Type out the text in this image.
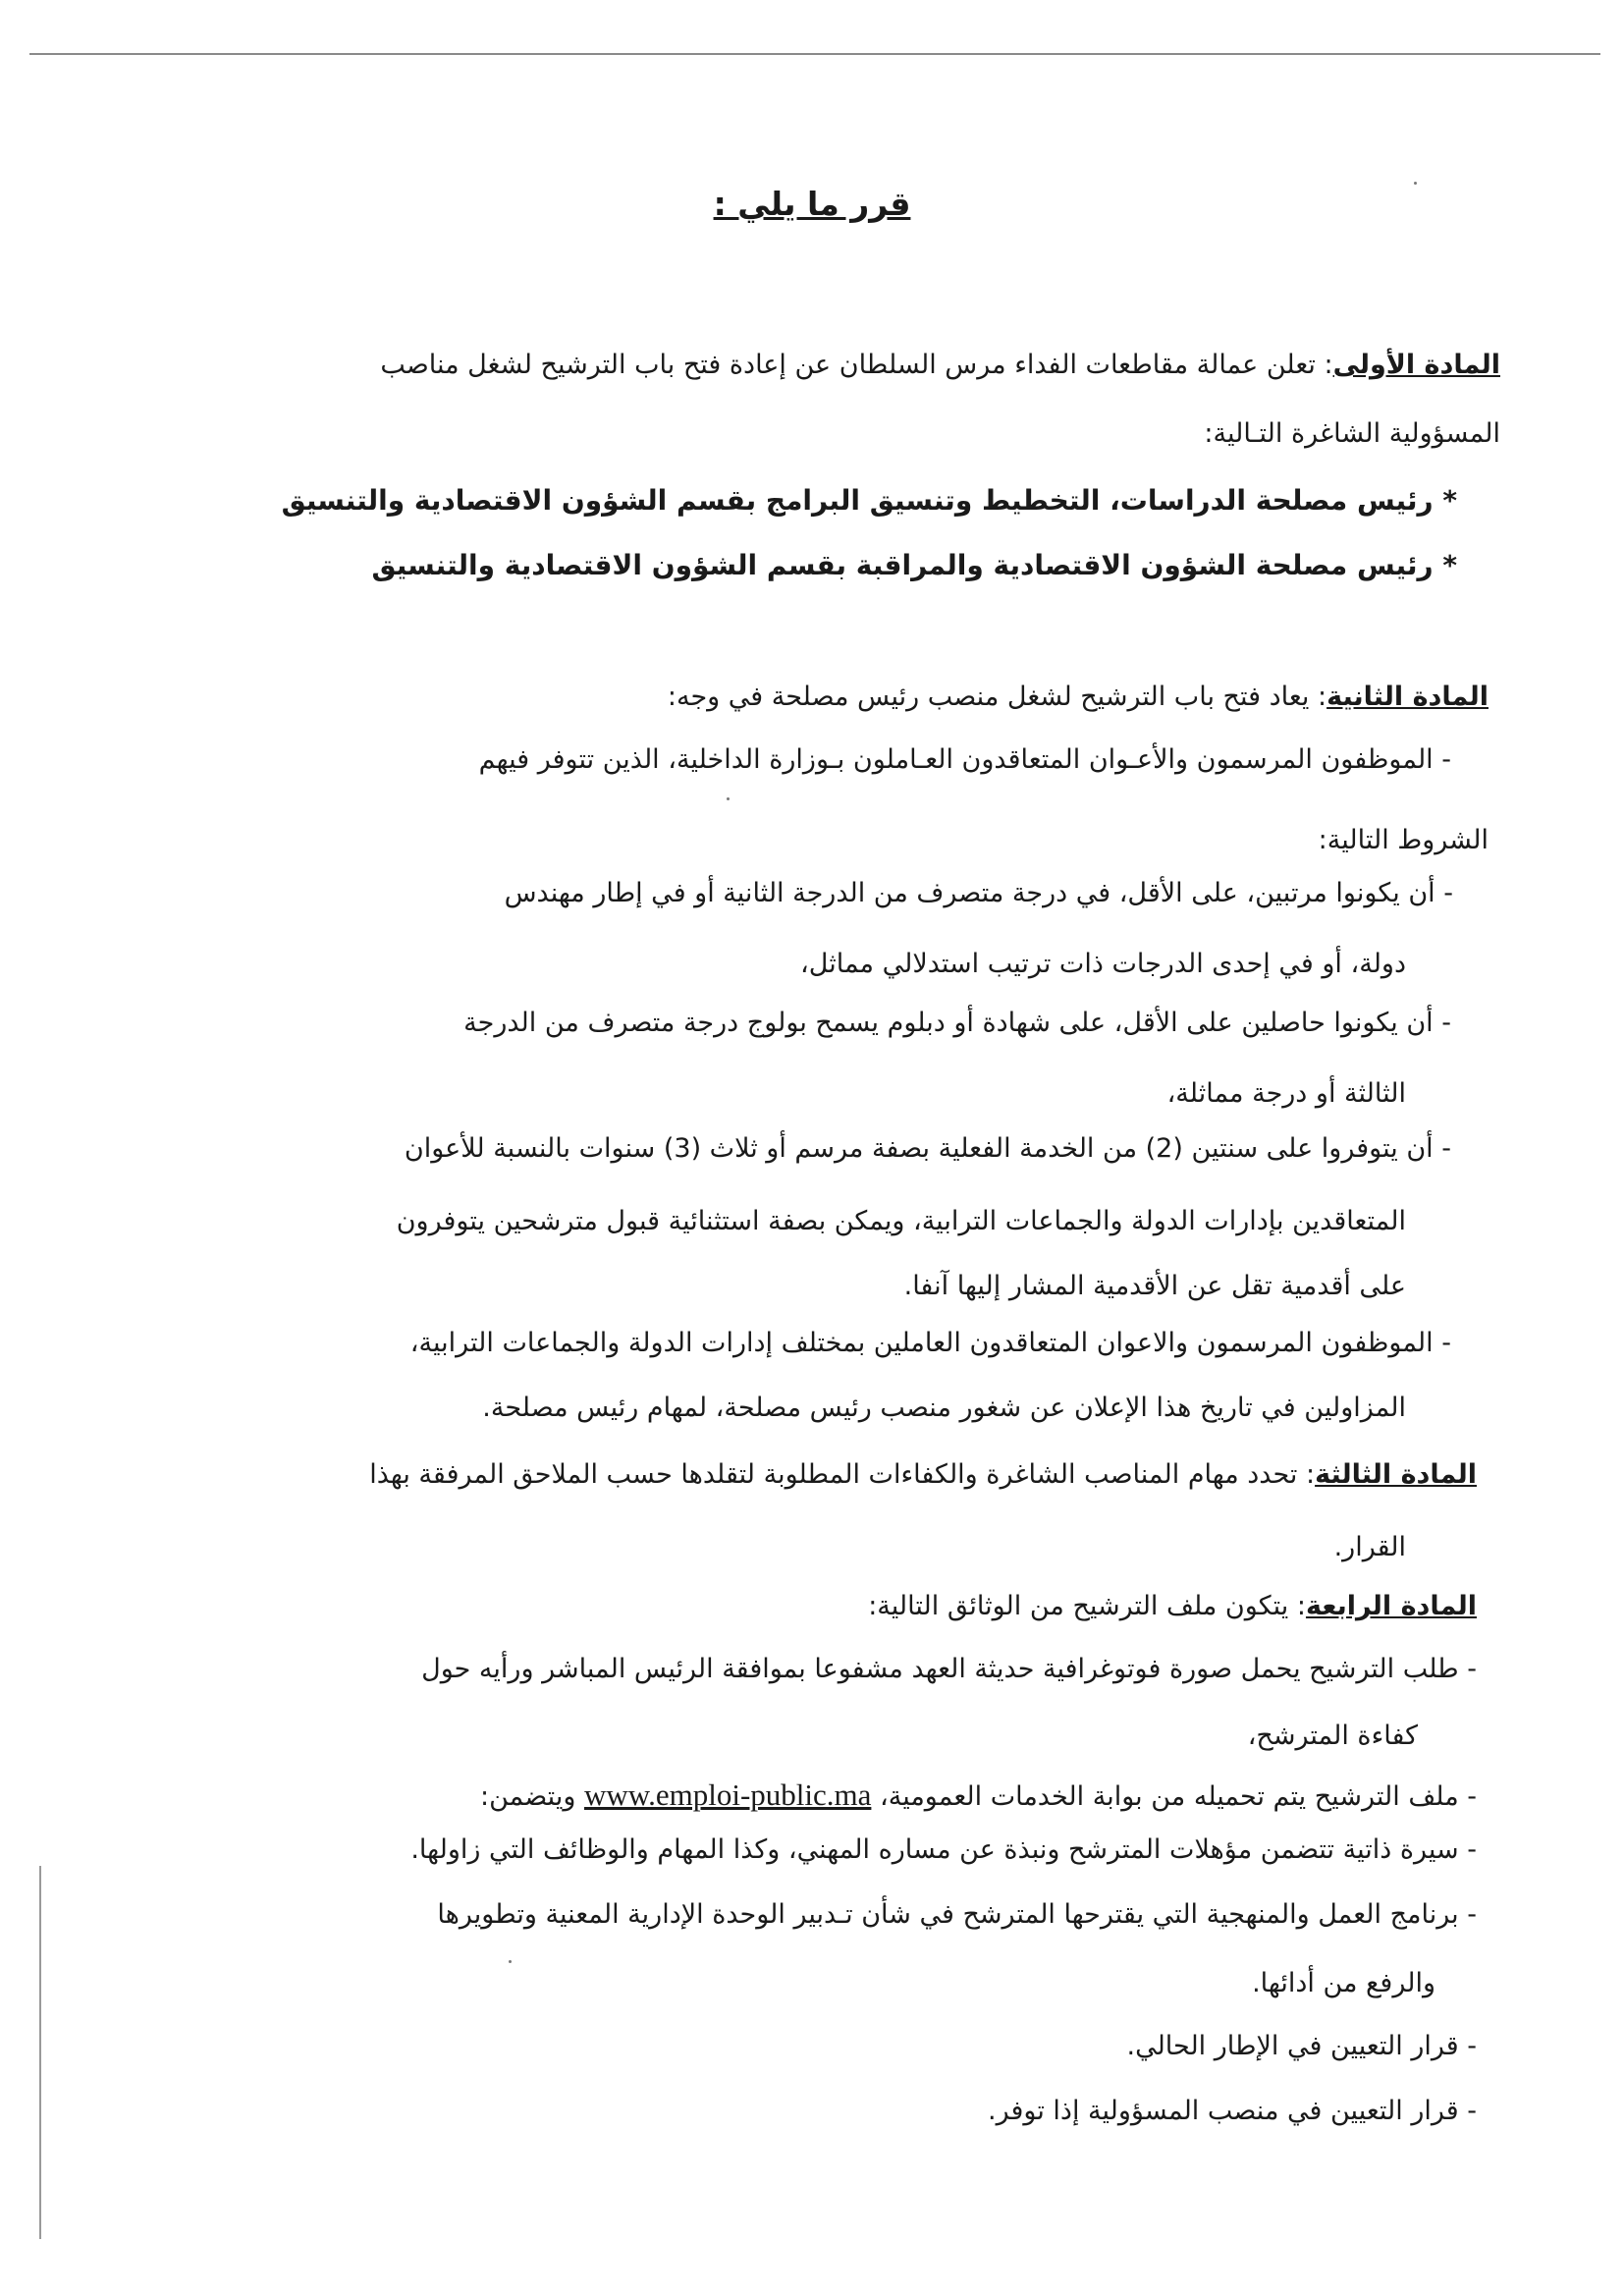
قرر ما يلي :
المادة الأولى: تعلن عمالة مقاطعات الفداء مرس السلطان عن إعادة فتح باب الترشيح لشغل مناصب
المسؤولية الشاغرة التـالية:
* رئيس مصلحة الدراسات، التخطيط وتنسيق البرامج بقسم الشؤون الاقتصادية والتنسيق
* رئيس مصلحة الشؤون الاقتصادية والمراقبة بقسم الشؤون الاقتصادية والتنسيق
المادة الثانية: يعاد فتح باب الترشيح لشغل منصب رئيس مصلحة في وجه:
- الموظفون المرسمون والأعـوان المتعاقدون العـاملون بـوزارة الداخلية، الذين تتوفر فيهم
الشروط التالية:
- أن يكونوا مرتبين، على الأقل، في درجة متصرف من الدرجة الثانية أو في إطار مهندس
دولة، أو في إحدى الدرجات ذات ترتيب استدلالي مماثل،
- أن يكونوا حاصلين على الأقل، على شهادة أو دبلوم يسمح بولوج درجة متصرف من الدرجة
الثالثة أو درجة مماثلة،
- أن يتوفروا على سنتين (2) من الخدمة الفعلية بصفة مرسم أو ثلاث (3) سنوات بالنسبة للأعوان
المتعاقدين بإدارات الدولة والجماعات الترابية، ويمكن بصفة استثنائية قبول مترشحين يتوفرون
على أقدمية تقل عن الأقدمية المشار إليها آنفا.
- الموظفون المرسمون والاعوان المتعاقدون العاملين بمختلف إدارات الدولة والجماعات الترابية،
المزاولين في تاريخ هذا الإعلان عن شغور منصب رئيس مصلحة، لمهام رئيس مصلحة.
المادة الثالثة: تحدد مهام المناصب الشاغرة والكفاءات المطلوبة لتقلدها حسب الملاحق المرفقة بهذا
القرار.
المادة الرابعة: يتكون ملف الترشيح من الوثائق التالية:
- طلب الترشيح يحمل صورة فوتوغرافية حديثة العهد مشفوعا بموافقة الرئيس المباشر ورأيه حول
كفاءة المترشح،
- ملف الترشيح يتم تحميله من بوابة الخدمات العمومية، www.emploi-public.ma ويتضمن:
- سيرة ذاتية تتضمن مؤهلات المترشح ونبذة عن مساره المهني، وكذا المهام والوظائف التي زاولها.
- برنامج العمل والمنهجية التي يقترحها المترشح في شأن تـدبير الوحدة الإدارية المعنية وتطويرها
والرفع من أدائها.
- قرار التعيين في الإطار الحالي.
- قرار التعيين في منصب المسؤولية إذا توفر.
